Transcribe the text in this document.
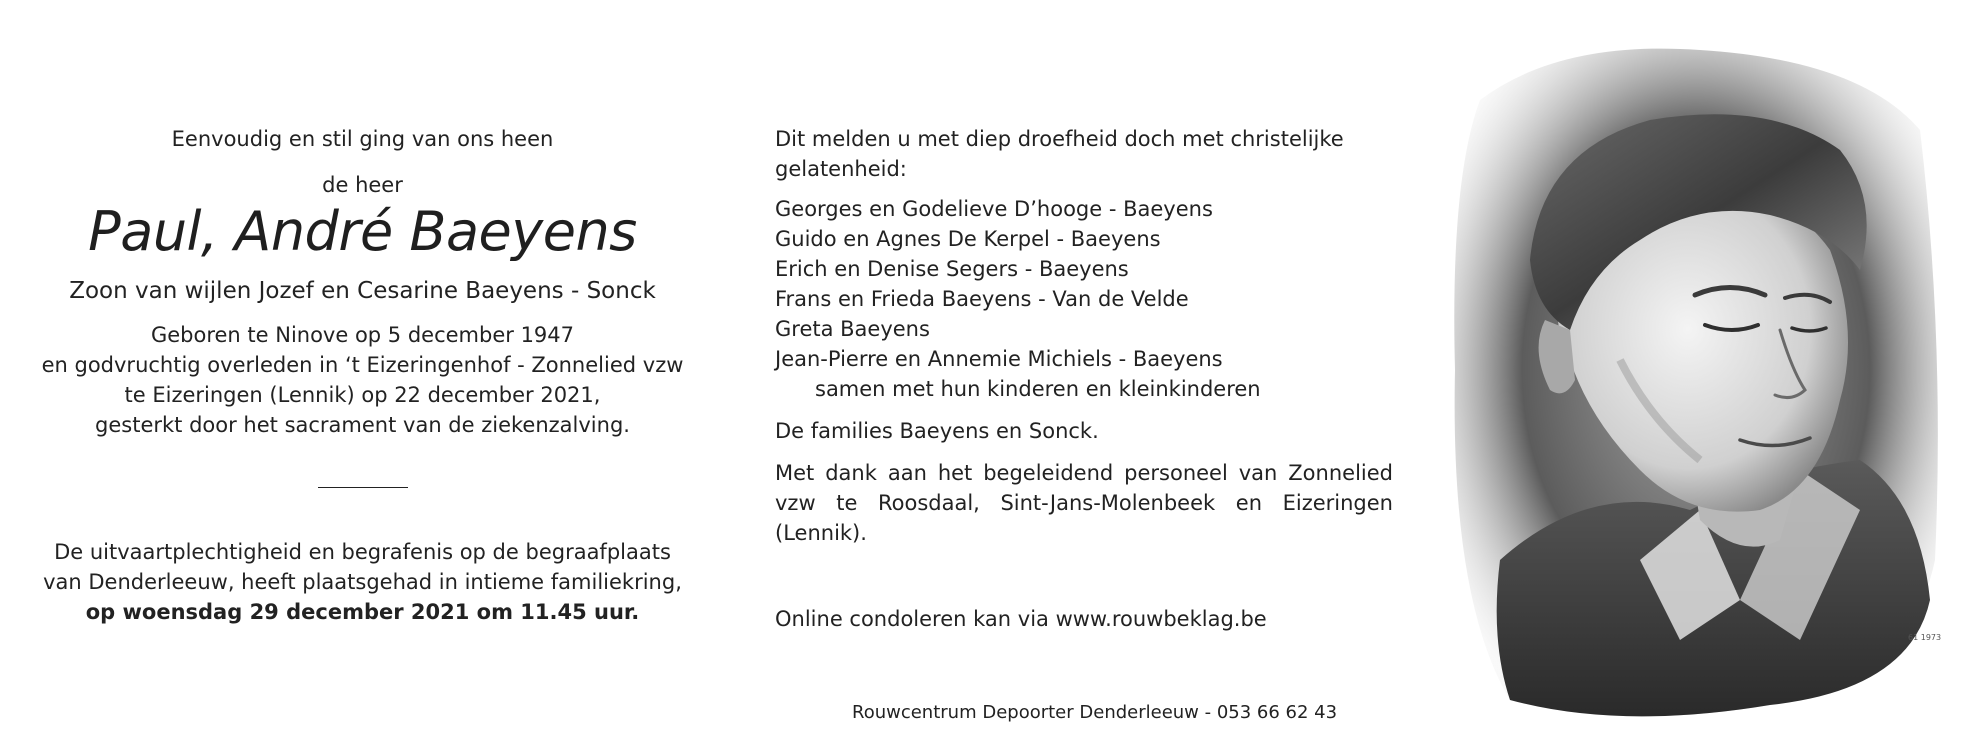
Eenvoudig en stil ging van ons heen

de heer

Paul, André Baeyens

Zoon van wijlen Jozef en Cesarine Baeyens - Sonck

Geboren te Ninove op 5 december 1947
en godvruchtig overleden in ‘t Eizeringenhof - Zonnelied vzw
te Eizeringen (Lennik) op 22 december 2021,
gesterkt door het sacrament van de ziekenzalving.

De uitvaartplechtigheid en begrafenis op de begraafplaats
van Denderleeuw, heeft plaatsgehad in intieme familiekring,
op woensdag 29 december 2021 om 11.45 uur.

Dit melden u met diep droefheid doch met christelijke gelatenheid:

Georges en Godelieve D’hooge - Baeyens
Guido en Agnes De Kerpel - Baeyens
Erich en Denise Segers - Baeyens
Frans en Frieda Baeyens - Van de Velde
Greta Baeyens
Jean-Pierre en Annemie Michiels - Baeyens
samen met hun kinderen en kleinkinderen

De families Baeyens en Sonck.

Met dank aan het begeleidend personeel van Zonnelied vzw te Roosdaal, Sint-Jans-Molenbeek en Eizeringen (Lennik).

Online condoleren kan via www.rouwbeklag.be

Rouwcentrum Depoorter Denderleeuw - 053 66 62 43
61 1973
